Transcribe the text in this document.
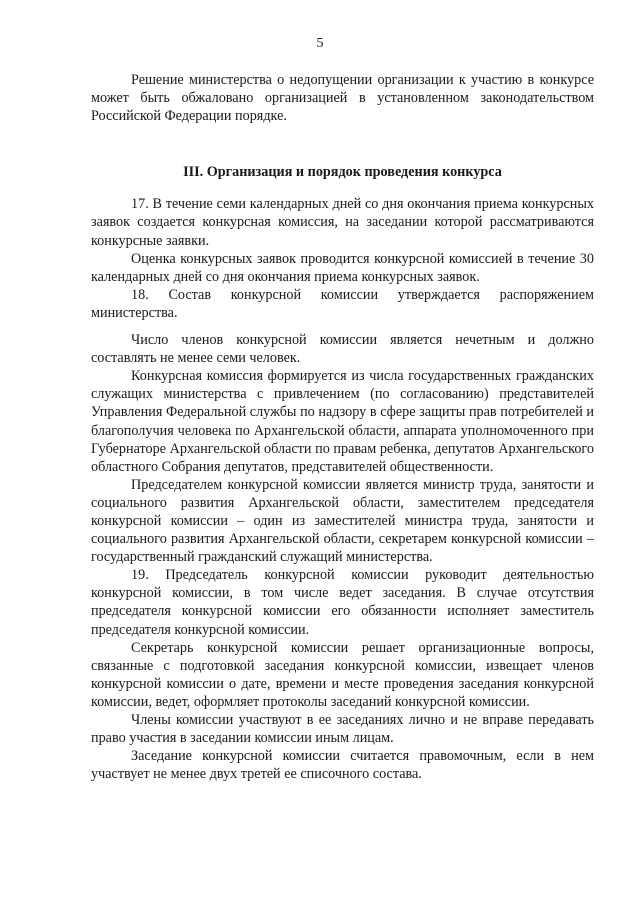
5

Решение министерства о недопущении организации к участию в конкурсе может быть обжаловано организацией в установленном законодательством Российской Федерации порядке.

III. Организация и порядок проведения конкурса

17. В течение семи календарных дней со дня окончания приема конкурсных заявок создается конкурсная комиссия, на заседании которой рассматриваются конкурсные заявки.

Оценка конкурсных заявок проводится конкурсной комиссией в течение 30 календарных дней со дня окончания приема конкурсных заявок.

18. Состав конкурсной комиссии утверждается распоряжением министерства.

Число членов конкурсной комиссии является нечетным и должно составлять не менее семи человек.

Конкурсная комиссия формируется из числа государственных гражданских служащих министерства с привлечением (по согласованию) представителей Управления Федеральной службы по надзору в сфере защиты прав потребителей и благополучия человека по Архангельской области, аппарата уполномоченного при Губернаторе Архангельской области по правам ребенка, депутатов Архангельского областного Собрания депутатов, представителей общественности.

Председателем конкурсной комиссии является министр труда, занятости и социального развития Архангельской области, заместителем председателя конкурсной комиссии – один из заместителей министра труда, занятости и социального развития Архангельской области, секретарем конкурсной комиссии – государственный гражданский служащий министерства.

19. Председатель конкурсной комиссии руководит деятельностью конкурсной комиссии, в том числе ведет заседания. В случае отсутствия председателя конкурсной комиссии его обязанности исполняет заместитель председателя конкурсной комиссии.

Секретарь конкурсной комиссии решает организационные вопросы, связанные с подготовкой заседания конкурсной комиссии, извещает членов конкурсной комиссии о дате, времени и месте проведения заседания конкурсной комиссии, ведет, оформляет протоколы заседаний конкурсной комиссии.

Члены комиссии участвуют в ее заседаниях лично и не вправе передавать право участия в заседании комиссии иным лицам.

Заседание конкурсной комиссии считается правомочным, если в нем участвует не менее двух третей ее списочного состава.
